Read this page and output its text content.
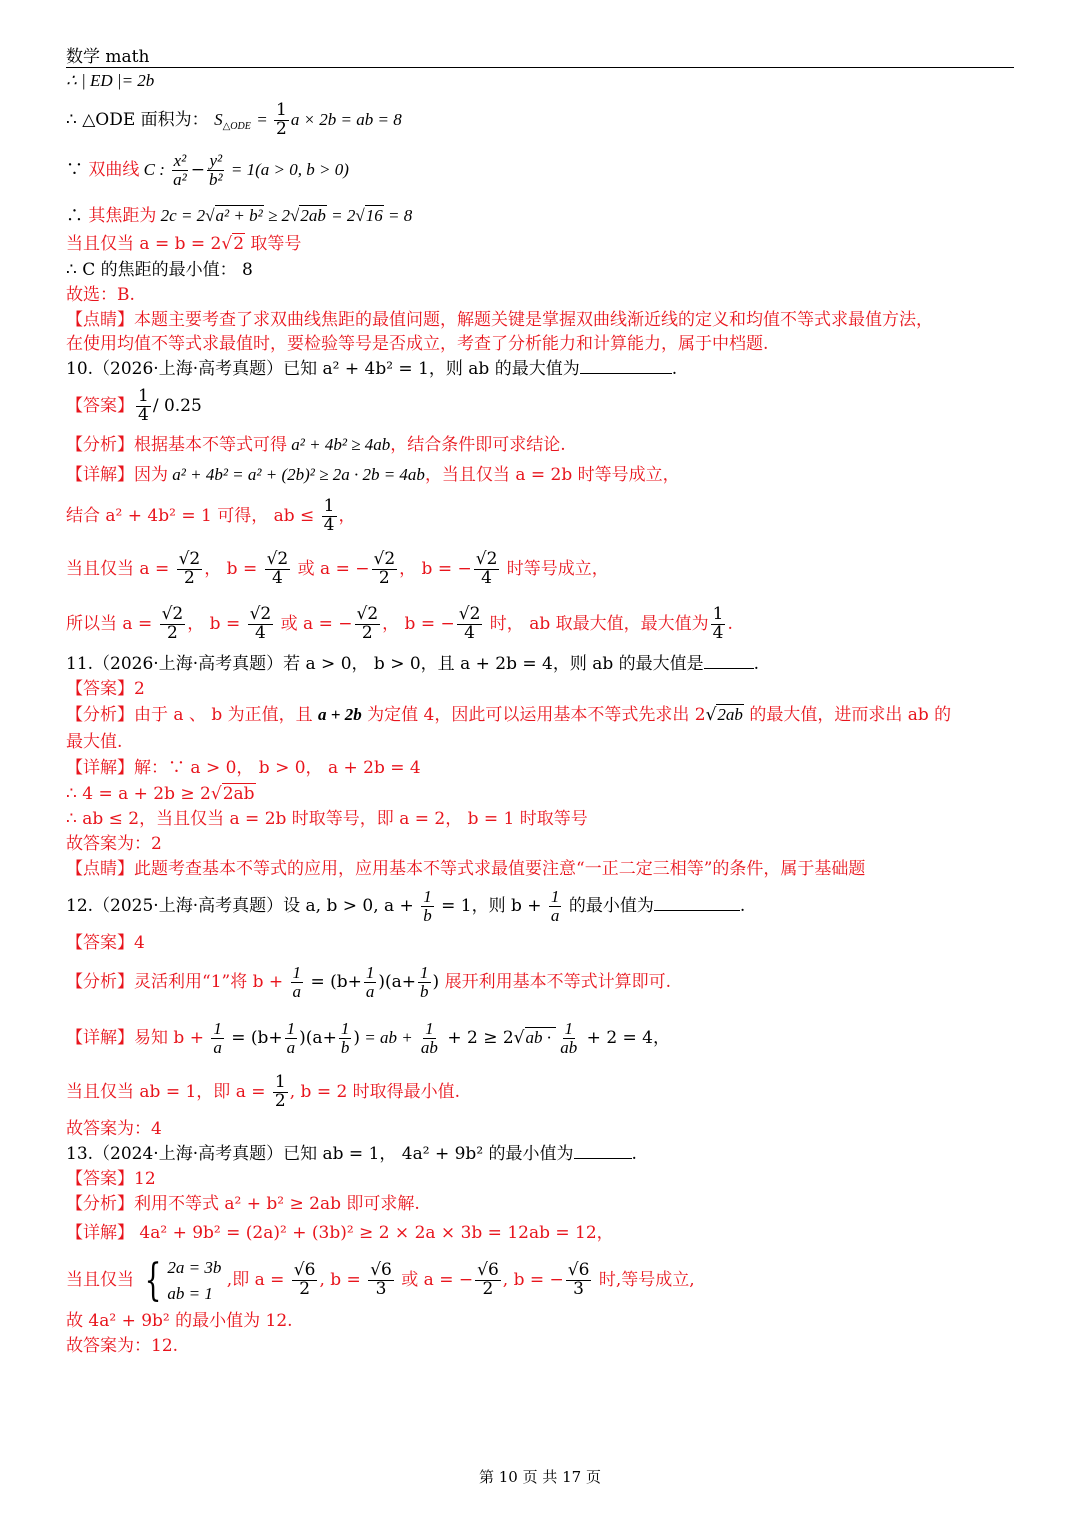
数学 math
∴ | ED |= 2b
∴ △ODE 面积为： $S_{\triangle ODE} = \frac{1}{2}$ a × 2b = ab = 8
∵ 双曲线 C : $\frac{\text{x²}}{\text{a²}} - \frac{\text{y²}}{\text{b²}} = 1(a > 0$, b > 0)
∴ 其焦距为 2c = 2√a² + b² ≥ 2√2ab = 2√16 = 8
当且仅当 a = b = 2√2 取等号
∴ C 的焦距的最小值： 8
故选：B.
【点睛】本题主要考查了求双曲线焦距的最值问题，解题关键是掌握双曲线渐近线的定义和均值不等式求最值方法，
在使用均值不等式求最值时，要检验等号是否成立，考查了分析能力和计算能力，属于中档题.
10.（2026·上海·高考真题）已知 a² + 4b² = 1，则 ab 的最大值为	.
【答案】 $\frac{1}{4} / 0.25$
【分析】根据基本不等式可得 a² + 4b² ≥ 4ab，结合条件即可求结论.
【详解】因为 a² + 4b² = a² + (2b)² ≥ 2a · 2b = 4ab，当且仅当 a = 2b 时等号成立，
结合 a² + 4b² = 1 可得， ab ≤ $\frac{1}{4}$ ，
当且仅当 $a = \frac{√2}{2}$ ， $b = \frac{√2}{4}$ 或 a = − $\frac{√2}{2}$ ， b = − $\frac{√2}{4}$ 时等号成立，
所以当 $a = \frac{√2}{2}$ ， $b = \frac{√2}{4}$ 或 a = − $\frac{√2}{2}$ ， b = − $\frac{√2}{4}$ 时， ab 取最大值，最大值为 $\frac{1}{4}$ .
11.（2026·上海·高考真题）若 a > 0， b > 0，且 a + 2b = 4，则 ab 的最大值是	.
【答案】2
【分析】由于 a 、 b 为正值，且 a + 2b 为定值 4，因此可以运用基本不等式先求出 2√2ab 的最大值，进而求出 ab 的
最大值.
【详解】解：∵ a > 0， b > 0， a + 2b = 4
∴ 4 = a + 2b ≥ 2√2ab
∴ ab ≤ 2，当且仅当 a = 2b 时取等号，即 a = 2， b = 1 时取等号
故答案为：2
【点睛】此题考查基本不等式的应用，应用基本不等式求最值要注意“一正二定三相等”的条件，属于基础题
12.（2025·上海·高考真题）设 a, b > 0, $a + \frac{1}{b} = 1$，则 $b + \frac{1}{a}$ 的最小值为	.
【答案】4
【分析】灵活利用“1”将 $b + \frac{1}{a} = (b+ \frac{1}{a} )(a+ \frac{1}{b}$ ) 展开利用基本不等式计算即可.
【详解】易知 $b + \frac{1}{a} = (b+ \frac{1}{a} )(a+ \frac{1}{b}$ ) = ab + $\frac{1}{ab} + 2 \ge 2√ab \cdot \frac{1}{ab} + 2 = 4$，
当且仅当 ab = 1，即 $a = \frac{1}{2}$ , b = 2 时取得最小值.
故答案为：4
13.（2024·上海·高考真题）已知 ab = 1， 4a² + 9b² 的最小值为	.
【答案】12
【分析】利用不等式 a² + b² ≥ 2ab 即可求解.
【详解】 4a² + 9b² = (2a)² + (3b)² ≥ 2 × 2a × 3b = 12ab = 12，
当且仅当 { 2a = 3b
ab = 1
,即 $a = \frac{√6}{2}$ , $b = \frac{√6}{3}$ 或 a = − $\frac{√6}{2}$ , b = − $\frac{√6}{3}$ 时,等号成立,
故 4a² + 9b² 的最小值为 12.
故答案为：12.
第 10 页 共 17 页
